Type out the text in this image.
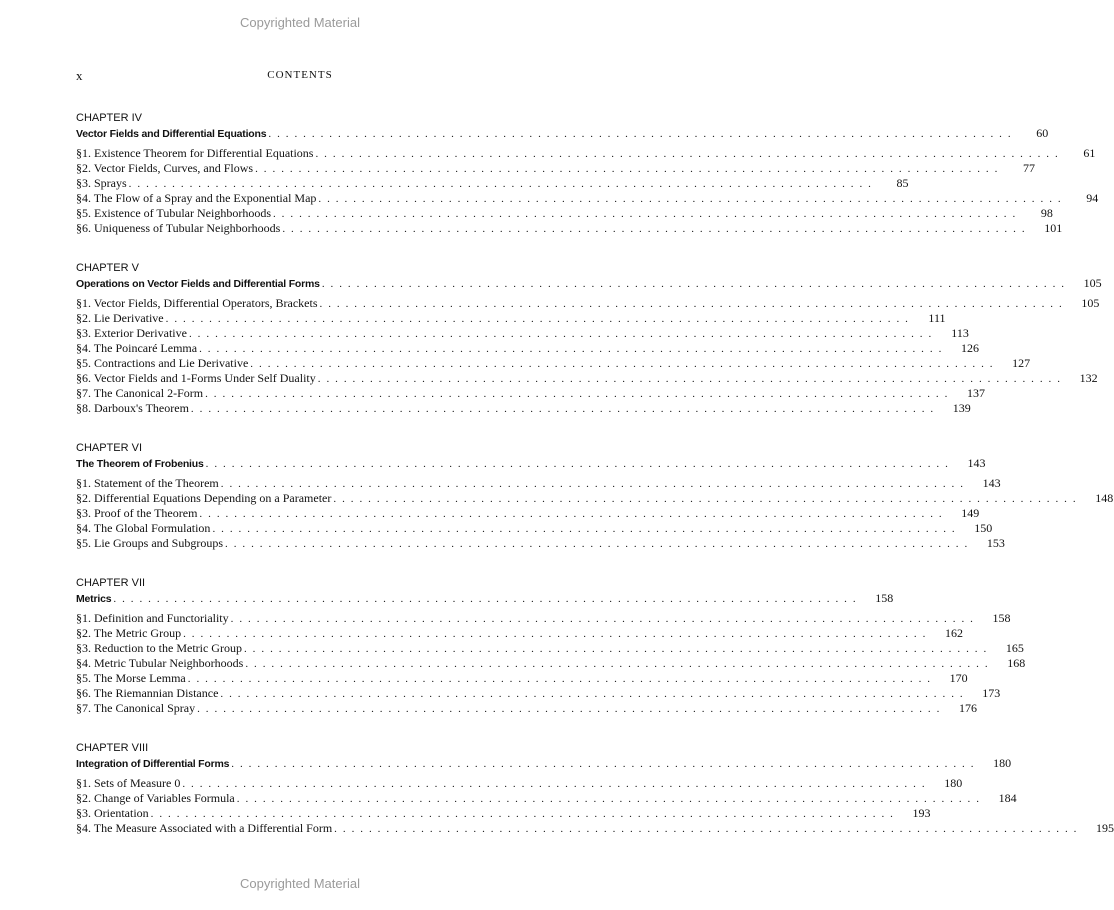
Copyrighted Material
x	CONTENTS
CHAPTER IV
Vector Fields and Differential Equations . . . . . . . . . . . . . . . . . . . . . . . . . . . . . . . . . . . . . . . . . . . . . . . . . . . . . . . . . . . . . . . . . . . . . . . . . . . . . . . . . . . . . .	60
§1. Existence Theorem for Differential Equations . . . . . . . . . . . . . . . . . . . . . . . . . . . . . . . . . . . . . . . . . . . . . . . . . . . . . . . . . . . . . . . . . . . . . . . . . . . . . . . . . . . . . .	61
§2. Vector Fields, Curves, and Flows . . . . . . . . . . . . . . . . . . . . . . . . . . . . . . . . . . . . . . . . . . . . . . . . . . . . . . . . . . . . . . . . . . . . . . . . . . . . . . . . . . . . . .	77
§3. Sprays . . . . . . . . . . . . . . . . . . . . . . . . . . . . . . . . . . . . . . . . . . . . . . . . . . . . . . . . . . . . . . . . . . . . . . . . . . . . . . . . . . . . . .	85
§4. The Flow of a Spray and the Exponential Map . . . . . . . . . . . . . . . . . . . . . . . . . . . . . . . . . . . . . . . . . . . . . . . . . . . . . . . . . . . . . . . . . . . . . . . . . . . . . . . . . . . . . .	94
§5. Existence of Tubular Neighborhoods . . . . . . . . . . . . . . . . . . . . . . . . . . . . . . . . . . . . . . . . . . . . . . . . . . . . . . . . . . . . . . . . . . . . . . . . . . . . . . . . . . . . . .	98
§6. Uniqueness of Tubular Neighborhoods . . . . . . . . . . . . . . . . . . . . . . . . . . . . . . . . . . . . . . . . . . . . . . . . . . . . . . . . . . . . . . . . . . . . . . . . . . . . . . . . . . . . . .	101
CHAPTER V
Operations on Vector Fields and Differential Forms . . . . . . . . . . . . . . . . . . . . . . . . . . . . . . . . . . . . . . . . . . . . . . . . . . . . . . . . . . . . . . . . . . . . . . . . . . . . . . . . . . . . . .	105
§1. Vector Fields, Differential Operators, Brackets . . . . . . . . . . . . . . . . . . . . . . . . . . . . . . . . . . . . . . . . . . . . . . . . . . . . . . . . . . . . . . . . . . . . . . . . . . . . . . . . . . . . . .	105
§2. Lie Derivative . . . . . . . . . . . . . . . . . . . . . . . . . . . . . . . . . . . . . . . . . . . . . . . . . . . . . . . . . . . . . . . . . . . . . . . . . . . . . . . . . . . . . .	111
§3. Exterior Derivative . . . . . . . . . . . . . . . . . . . . . . . . . . . . . . . . . . . . . . . . . . . . . . . . . . . . . . . . . . . . . . . . . . . . . . . . . . . . . . . . . . . . . .	113
§4. The Poincaré Lemma . . . . . . . . . . . . . . . . . . . . . . . . . . . . . . . . . . . . . . . . . . . . . . . . . . . . . . . . . . . . . . . . . . . . . . . . . . . . . . . . . . . . . .	126
§5. Contractions and Lie Derivative . . . . . . . . . . . . . . . . . . . . . . . . . . . . . . . . . . . . . . . . . . . . . . . . . . . . . . . . . . . . . . . . . . . . . . . . . . . . . . . . . . . . . .	127
§6. Vector Fields and 1-Forms Under Self Duality . . . . . . . . . . . . . . . . . . . . . . . . . . . . . . . . . . . . . . . . . . . . . . . . . . . . . . . . . . . . . . . . . . . . . . . . . . . . . . . . . . . . . .	132
§7. The Canonical 2-Form . . . . . . . . . . . . . . . . . . . . . . . . . . . . . . . . . . . . . . . . . . . . . . . . . . . . . . . . . . . . . . . . . . . . . . . . . . . . . . . . . . . . . .	137
§8. Darboux's Theorem . . . . . . . . . . . . . . . . . . . . . . . . . . . . . . . . . . . . . . . . . . . . . . . . . . . . . . . . . . . . . . . . . . . . . . . . . . . . . . . . . . . . . .	139
CHAPTER VI
The Theorem of Frobenius . . . . . . . . . . . . . . . . . . . . . . . . . . . . . . . . . . . . . . . . . . . . . . . . . . . . . . . . . . . . . . . . . . . . . . . . . . . . . . . . . . . . . .	143
§1. Statement of the Theorem . . . . . . . . . . . . . . . . . . . . . . . . . . . . . . . . . . . . . . . . . . . . . . . . . . . . . . . . . . . . . . . . . . . . . . . . . . . . . . . . . . . . . .	143
§2. Differential Equations Depending on a Parameter . . . . . . . . . . . . . . . . . . . . . . . . . . . . . . . . . . . . . . . . . . . . . . . . . . . . . . . . . . . . . . . . . . . . . . . . . . . . . . . . . . . . . .	148
§3. Proof of the Theorem . . . . . . . . . . . . . . . . . . . . . . . . . . . . . . . . . . . . . . . . . . . . . . . . . . . . . . . . . . . . . . . . . . . . . . . . . . . . . . . . . . . . . .	149
§4. The Global Formulation . . . . . . . . . . . . . . . . . . . . . . . . . . . . . . . . . . . . . . . . . . . . . . . . . . . . . . . . . . . . . . . . . . . . . . . . . . . . . . . . . . . . . .	150
§5. Lie Groups and Subgroups . . . . . . . . . . . . . . . . . . . . . . . . . . . . . . . . . . . . . . . . . . . . . . . . . . . . . . . . . . . . . . . . . . . . . . . . . . . . . . . . . . . . . .	153
CHAPTER VII
Metrics . . . . . . . . . . . . . . . . . . . . . . . . . . . . . . . . . . . . . . . . . . . . . . . . . . . . . . . . . . . . . . . . . . . . . . . . . . . . . . . . . . . . . .	158
§1. Definition and Functoriality . . . . . . . . . . . . . . . . . . . . . . . . . . . . . . . . . . . . . . . . . . . . . . . . . . . . . . . . . . . . . . . . . . . . . . . . . . . . . . . . . . . . . .	158
§2. The Metric Group . . . . . . . . . . . . . . . . . . . . . . . . . . . . . . . . . . . . . . . . . . . . . . . . . . . . . . . . . . . . . . . . . . . . . . . . . . . . . . . . . . . . . .	162
§3. Reduction to the Metric Group . . . . . . . . . . . . . . . . . . . . . . . . . . . . . . . . . . . . . . . . . . . . . . . . . . . . . . . . . . . . . . . . . . . . . . . . . . . . . . . . . . . . . .	165
§4. Metric Tubular Neighborhoods . . . . . . . . . . . . . . . . . . . . . . . . . . . . . . . . . . . . . . . . . . . . . . . . . . . . . . . . . . . . . . . . . . . . . . . . . . . . . . . . . . . . . .	168
§5. The Morse Lemma . . . . . . . . . . . . . . . . . . . . . . . . . . . . . . . . . . . . . . . . . . . . . . . . . . . . . . . . . . . . . . . . . . . . . . . . . . . . . . . . . . . . . .	170
§6. The Riemannian Distance . . . . . . . . . . . . . . . . . . . . . . . . . . . . . . . . . . . . . . . . . . . . . . . . . . . . . . . . . . . . . . . . . . . . . . . . . . . . . . . . . . . . . .	173
§7. The Canonical Spray . . . . . . . . . . . . . . . . . . . . . . . . . . . . . . . . . . . . . . . . . . . . . . . . . . . . . . . . . . . . . . . . . . . . . . . . . . . . . . . . . . . . . .	176
CHAPTER VIII
Integration of Differential Forms . . . . . . . . . . . . . . . . . . . . . . . . . . . . . . . . . . . . . . . . . . . . . . . . . . . . . . . . . . . . . . . . . . . . . . . . . . . . . . . . . . . . . .	180
§1. Sets of Measure 0 . . . . . . . . . . . . . . . . . . . . . . . . . . . . . . . . . . . . . . . . . . . . . . . . . . . . . . . . . . . . . . . . . . . . . . . . . . . . . . . . . . . . . .	180
§2. Change of Variables Formula . . . . . . . . . . . . . . . . . . . . . . . . . . . . . . . . . . . . . . . . . . . . . . . . . . . . . . . . . . . . . . . . . . . . . . . . . . . . . . . . . . . . . .	184
§3. Orientation . . . . . . . . . . . . . . . . . . . . . . . . . . . . . . . . . . . . . . . . . . . . . . . . . . . . . . . . . . . . . . . . . . . . . . . . . . . . . . . . . . . . . .	193
§4. The Measure Associated with a Differential Form . . . . . . . . . . . . . . . . . . . . . . . . . . . . . . . . . . . . . . . . . . . . . . . . . . . . . . . . . . . . . . . . . . . . . . . . . . . . . . . . . . . . . .	195
Copyrighted Material
